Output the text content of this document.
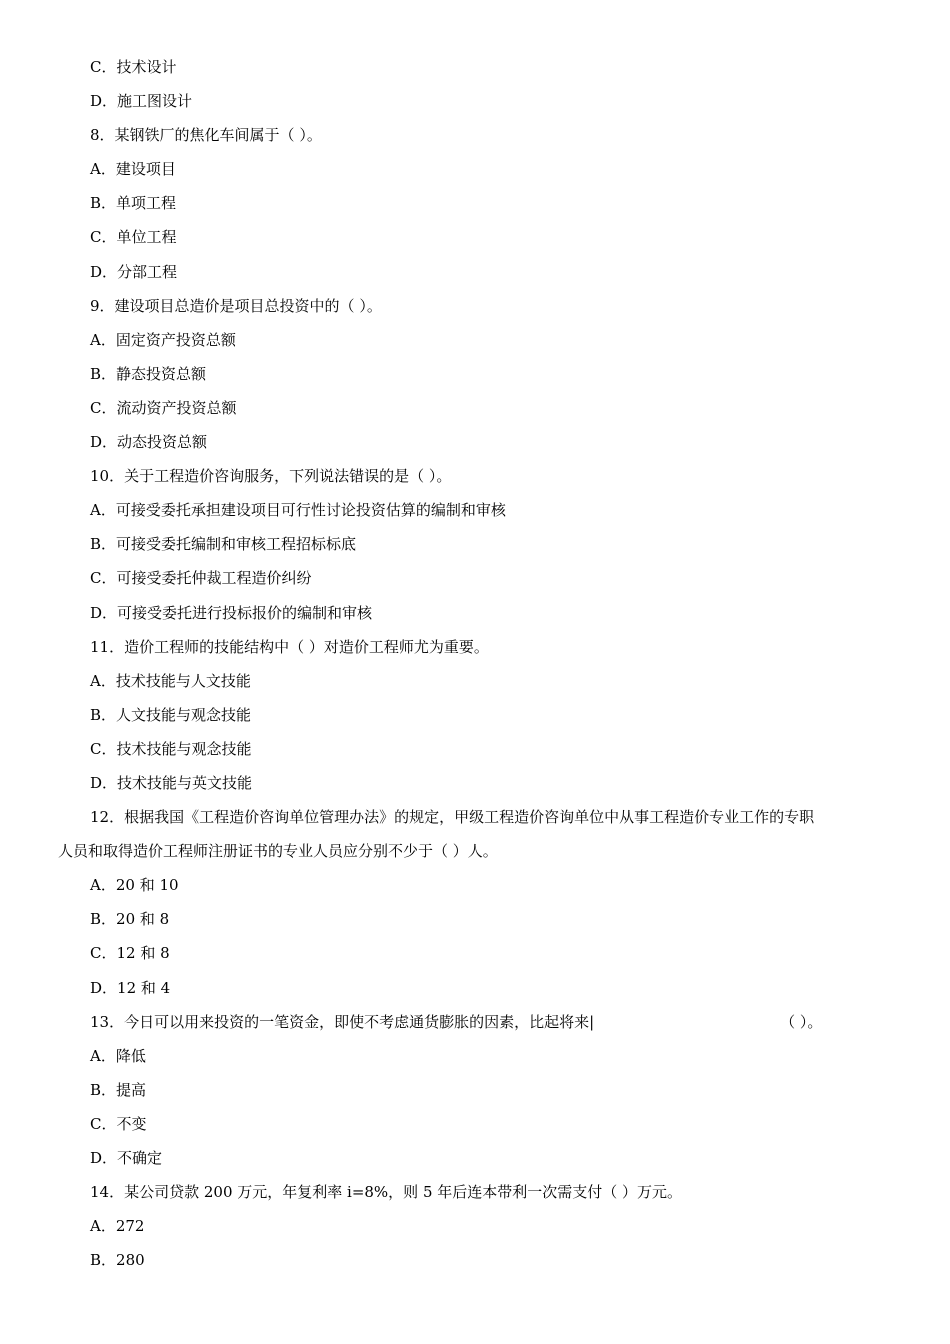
C．技术设计
D．施工图设计
8．某钢铁厂的焦化车间属于（ ）。
A．建设项目
B．单项工程
C．单位工程
D．分部工程
9．建设项目总造价是项目总投资中的（ ）。
A．固定资产投资总额
B．静态投资总额
C．流动资产投资总额
D．动态投资总额
10．关于工程造价咨询服务，下列说法错误的是（ ）。
A．可接受委托承担建设项目可行性讨论投资估算的编制和审核
B．可接受委托编制和审核工程招标标底
C．可接受委托仲裁工程造价纠纷
D．可接受委托进行投标报价的编制和审核
11．造价工程师的技能结构中（ ）对造价工程师尤为重要。
A．技术技能与人文技能
B．人文技能与观念技能
C．技术技能与观念技能
D．技术技能与英文技能
12．根据我国《工程造价咨询单位管理办法》的规定，甲级工程造价咨询单位中从事工程造价专业工作的专职
人员和取得造价工程师注册证书的专业人员应分别不少于（ ）人。
A．20 和 10
B．20 和 8
C．12 和 8
D．12 和 4
13．今日可以用来投资的一笔资金，即使不考虑通货膨胀的因素，比起将来|	（ ）。
A．降低
B．提高
C．不变
D．不确定
14．某公司贷款 200 万元，年复利率 i=8%，则 5 年后连本带利一次需支付（ ）万元。
A．272
B．280
